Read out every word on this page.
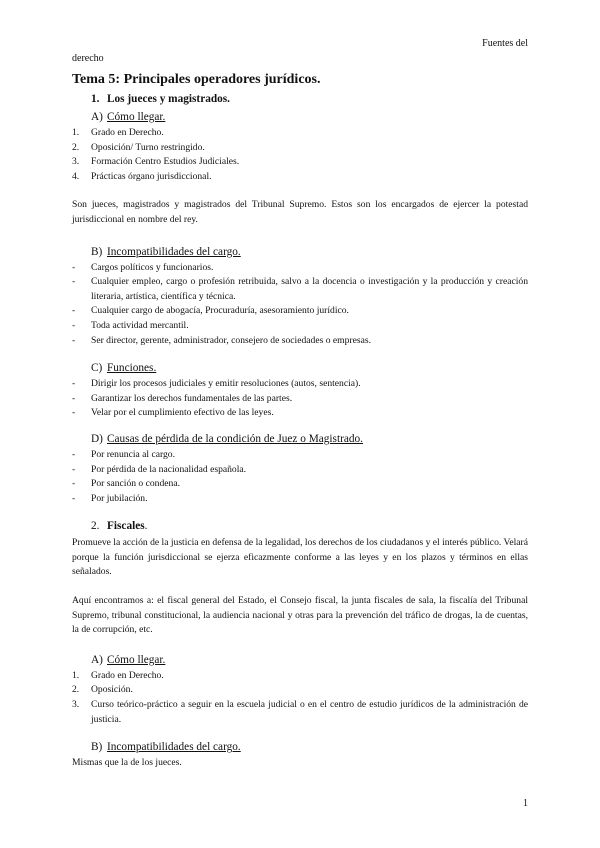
Fuentes del
derecho
Tema 5: Principales operadores jurídicos.
1. Los jueces y magistrados.
A) Cómo llegar.
1. Grado en Derecho.
2. Oposición/ Turno restringido.
3. Formación Centro Estudios Judiciales.
4. Prácticas órgano jurisdiccional.

Son jueces, magistrados y magistrados del Tribunal Supremo. Estos son los encargados de ejercer la potestad jurisdiccional en nombre del rey.

B) Incompatibilidades del cargo.
- Cargos políticos y funcionarios.
- Cualquier empleo, cargo o profesión retribuida, salvo a la docencia o investigación y la producción y creación literaria, artística, científica y técnica.
- Cualquier cargo de abogacía, Procuraduría, asesoramiento jurídico.
- Toda actividad mercantil.
- Ser director, gerente, administrador, consejero de sociedades o empresas.
C) Funciones.
- Dirigir los procesos judiciales y emitir resoluciones (autos, sentencia).
- Garantizar los derechos fundamentales de las partes.
- Velar por el cumplimiento efectivo de las leyes.
D) Causas de pérdida de la condición de Juez o Magistrado.
- Por renuncia al cargo.
- Por pérdida de la nacionalidad española.
- Por sanción o condena.
- Por jubilación.
2. Fiscales.

Promueve la acción de la justicia en defensa de la legalidad, los derechos de los ciudadanos y el interés público. Velará porque la función jurisdiccional se ejerza eficazmente conforme a las leyes y en los plazos y términos en ellas señalados.

Aquí encontramos a: el fiscal general del Estado, el Consejo fiscal, la junta fiscales de sala, la fiscalía del Tribunal Supremo, tribunal constitucional, la audiencia nacional y otras para la prevención del tráfico de drogas, la de cuentas, la de corrupción, etc.

A) Cómo llegar.
1. Grado en Derecho.
2. Oposición.
3. Curso teórico-práctico a seguir en la escuela judicial o en el centro de estudio jurídicos de la administración de justicia.
B) Incompatibilidades del cargo.

Mismas que la de los jueces.

1
